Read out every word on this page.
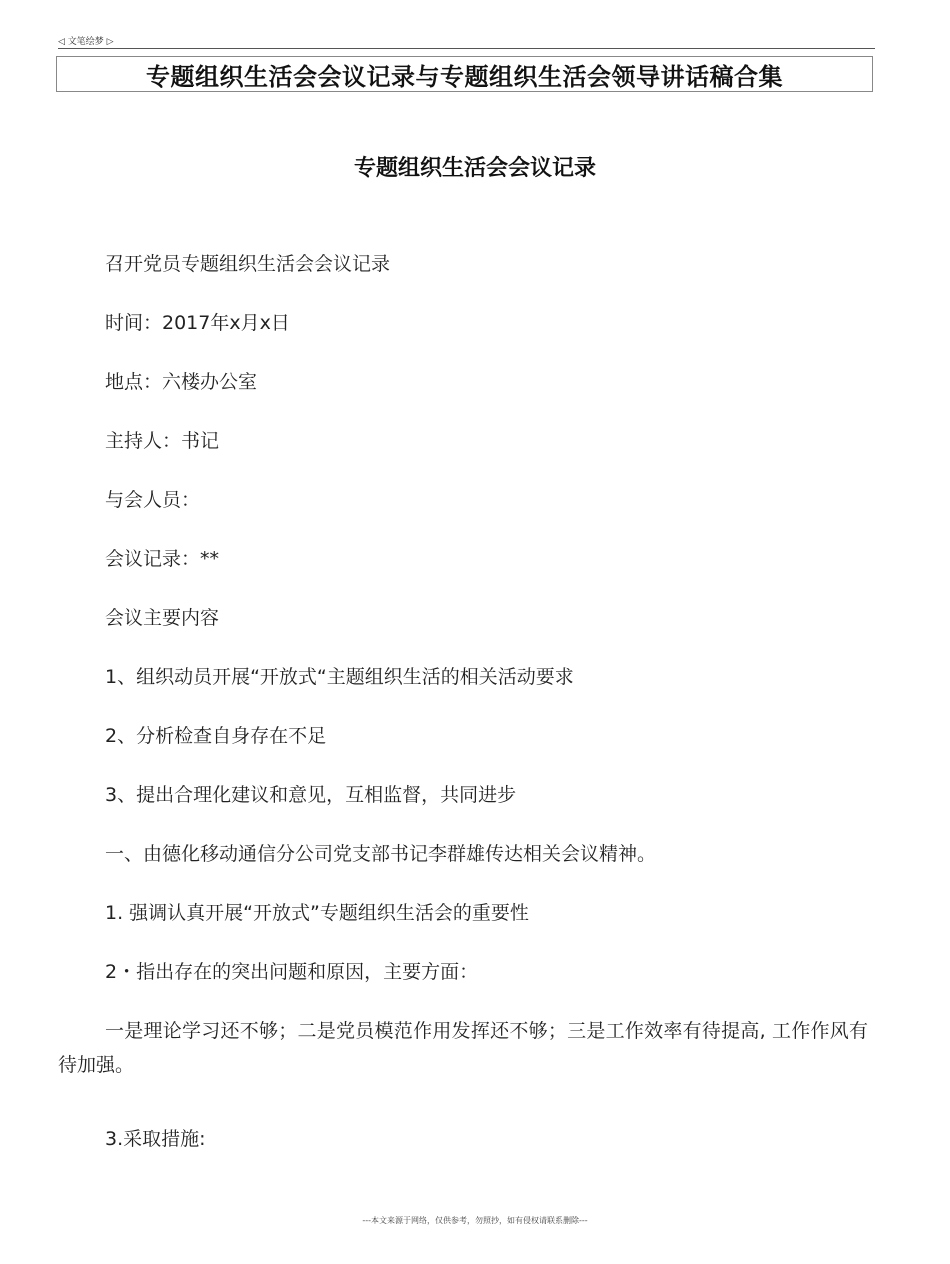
◁ 文笔绘梦 ▷
专题组织生活会会议记录与专题组织生活会领导讲话稿合集
专题组织生活会会议记录
召开党员专题组织生活会会议记录
时间：2017年x月x日
地点：六楼办公室
主持人：书记
与会人员：
会议记录：**
会议主要内容
1、组织动员开展“开放式“主题组织生活的相关活动要求
2、分析检查自身存在不足
3、提出合理化建议和意见，互相监督，共同进步
一、由德化移动通信分公司党支部书记李群雄传达相关会议精神。
1. 强调认真开展“开放式”专题组织生活会的重要性
2・指出存在的突出问题和原因，主要方面：
一是理论学习还不够；二是党员模范作用发挥还不够；三是工作效率有待提高, 工作作风有待加强。
3.采取措施:
---本文来源于网络，仅供参考，勿照抄，如有侵权请联系删除---
